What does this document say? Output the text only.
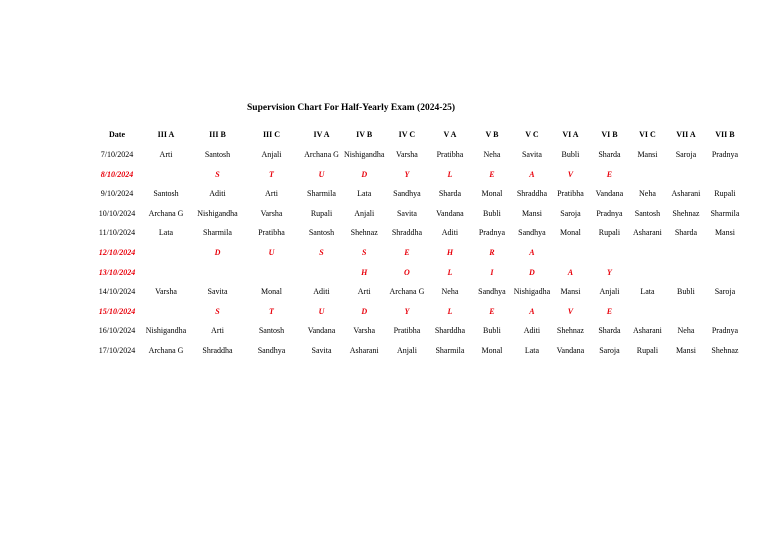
Supervision Chart For Half-Yearly Exam (2024-25)
Date	III A	III B	III C	IV A	IV B	IV C	V A	V B	V C	VI A	VI B	VI C	VII A	VII B
7/10/2024	Arti	Santosh	Anjali	Archana G	Nishigandha	Varsha	Pratibha	Neha	Savita	Bubli	Sharda	Mansi	Saroja	Pradnya
8/10/2024		S	T	U	D	Y	L	E	A	V	E			
9/10/2024	Santosh	Aditi	Arti	Sharmila	Lata	Sandhya	Sharda	Monal	Shraddha	Pratibha	Vandana	Neha	Asharani	Rupali
10/10/2024	Archana G	Nishigandha	Varsha	Rupali	Anjali	Savita	Vandana	Bubli	Mansi	Saroja	Pradnya	Santosh	Shehnaz	Sharmila
11/10/2024	Lata	Sharmila	Pratibha	Santosh	Shehnaz	Shraddha	Aditi	Pradnya	Sandhya	Monal	Rupali	Asharani	Sharda	Mansi
12/10/2024		D	U	S	S	E	H	R	A					
13/10/2024					H	O	L	I	D	A	Y			
14/10/2024	Varsha	Savita	Monal	Aditi	Arti	Archana G	Neha	Sandhya	Nishigadha	Mansi	Anjali	Lata	Bubli	Saroja
15/10/2024		S	T	U	D	Y	L	E	A	V	E			
16/10/2024	Nishigandha	Arti	Santosh	Vandana	Varsha	Pratibha	Sharddha	Bubli	Aditi	Shehnaz	Sharda	Asharani	Neha	Pradnya
17/10/2024	Archana G	Shraddha	Sandhya	Savita	Asharani	Anjali	Sharmila	Monal	Lata	Vandana	Saroja	Rupali	Mansi	Shehnaz
